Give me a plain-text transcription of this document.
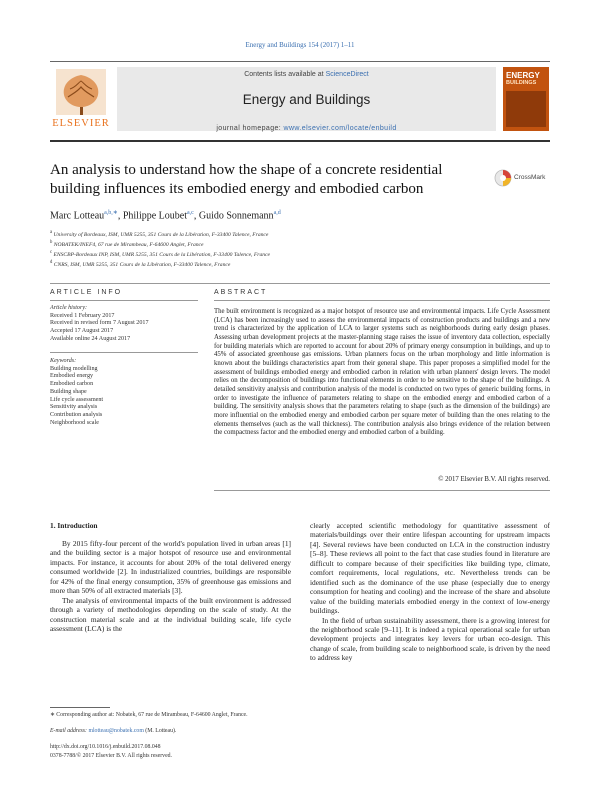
Energy and Buildings 154 (2017) 1–11
ELSEVIER
Contents lists available at ScienceDirect
Energy and Buildings
journal homepage: www.elsevier.com/locate/enbuild
ENERGY
BUILDINGS
An analysis to understand how the shape of a concrete residential building influences its embodied energy and embodied carbon
CrossMark
Marc Lotteau$^{a,b,∗}$, Philippe Loubet$^{a,c}$, Guido Sonnemann$^{a,d}$
$^a$ University of Bordeaux, ISM, UMR 5255, 351 Cours de la Libération, F-33400 Talence, France
$^b$ NOBATEK/INEF4, 67 rue de Mirambeau, F-64600 Anglet, France
$^c$ ENSCBP-Bordeaux INP, ISM, UMR 5255, 351 Cours de la Libération, F-33400 Talence, France
$^d$ CNRS, ISM, UMR 5255, 351 Cours de la Libération, F-33400 Talence, France
ARTICLE INFO
Article history:
Received 1 February 2017
Received in revised form 7 August 2017
Accepted 17 August 2017
Available online 24 August 2017
Keywords:
Building modelling
Embodied energy
Embodied carbon
Building shape
Life cycle assessment
Sensitivity analysis
Contribution analysis
Neighborhood scale
ABSTRACT
The built environment is recognized as a major hotspot of resource use and environmental impacts. Life Cycle Assessment (LCA) has been increasingly used to assess the environmental impacts of construction products and buildings and a new trend is characterized by the application of LCA to larger systems such as neighborhoods during early design phases. Assessing urban development projects at the master-planning stage raises the issue of inventory data collection, especially for building materials which are reported to account for about 20% of primary energy consumption in buildings, and up to 45% of associated greenhouse gas emissions. Urban planners focus on the urban morphology and little information is known about the buildings characteristics apart from their general shape. This paper proposes a simplified model for the assessment of buildings embodied energy and embodied carbon in relation with urban planners' design levers. The model relies on the decomposition of buildings into functional elements in order to be sensitive to the shape of the buildings. A detailed sensitivity analysis and contribution analysis of the model is conducted on two types of generic building forms, in order to investigate the influence of parameters relating to shape on the embodied energy and embodied carbon of a building. The sensitivity analysis shows that the parameters relating to shape (such as the dimension of the buildings) are more influential on the embodied energy and embodied carbon per square meter of building than the ones relating to the elements themselves (such as the wall thickness). The contribution analysis also brings evidence of the relation between the compactness factor and the embodied energy and embodied carbon of a building.
© 2017 Elsevier B.V. All rights reserved.
1. Introduction

By 2015 fifty-four percent of the world's population lived in urban areas [1] and the building sector is a major hotspot of resource use and environmental impacts. For instance, it accounts for about 20% of the total delivered energy consumed worldwide [2]. In industrialized countries, buildings are responsible for 42% of the final energy consumption, 35% of greenhouse gas emissions and more than 50% of all extracted materials [3].

The analysis of environmental impacts of the built environment is addressed through a variety of methodologies depending on the scale of study. At the construction material scale and at the individual building scale, life cycle assessment (LCA) is the

clearly accepted scientific methodology for quantitative assessment of materials/buildings over their entire lifespan accounting for upstream impacts [4]. Several reviews have been conducted on LCA in the construction industry [5–8]. These reviews all point to the fact that case studies found in literature are difficult to compare because of their specificities like building type, climate, comfort requirements, local regulations, etc. Nevertheless trends can be identified such as the dominance of the use phase (especially due to energy consumption for heating and cooling) and the increase of the share and absolute value of the building materials embodied energy in the context of low-energy buildings.

In the field of urban sustainability assessment, there is a growing interest for the neighborhood scale [9–11]. It is indeed a typical operational scale for urban development projects and integrates key levers for urban eco-design. This change of scale, from building scale to neighborhood scale, is driven by the need to address key

∗ Corresponding author at: Nobatek, 67 rue de Mirambeau, F-64600 Anglet, France.
E-mail address: mlotteau@nobatek.com (M. Lotteau).
http://dx.doi.org/10.1016/j.enbuild.2017.08.048
0378-7788/© 2017 Elsevier B.V. All rights reserved.
